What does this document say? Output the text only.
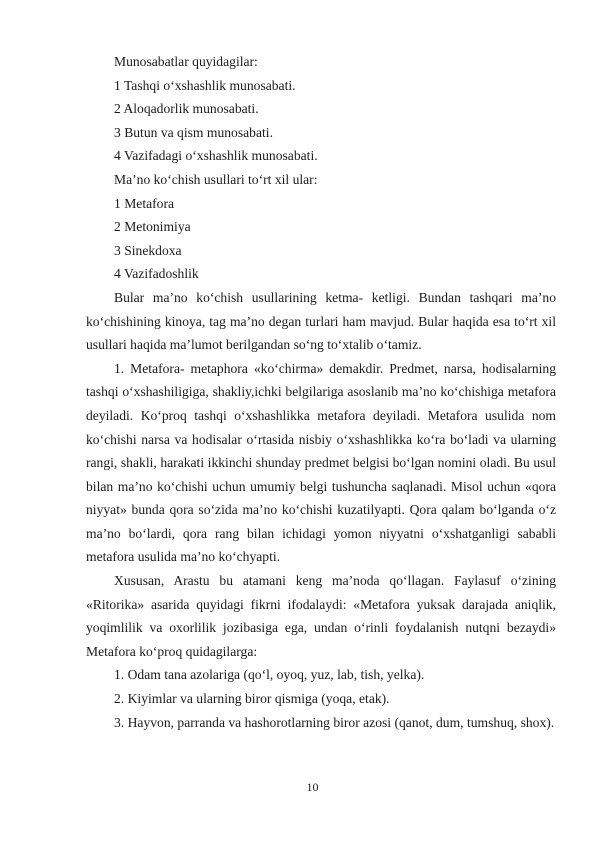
Munosabatlar quyidagilar:

1 Tashqi o‘xshashlik munosabati.

2 Aloqadorlik munosabati.

3 Butun va qism munosabati.

4 Vazifadagi o‘xshashlik munosabati.

Ma’no ko‘chish usullari to‘rt xil ular:

1 Metafora

2 Metonimiya

3 Sinekdoxa

4 Vazifadoshlik

Bular ma’no ko‘chish usullarining ketma- ketligi. Bundan tashqari ma’no ko‘chishining kinoya, tag ma’no degan turlari ham mavjud. Bular haqida esa to‘rt xil usullari haqida ma’lumot berilgandan so‘ng to‘xtalib o‘tamiz.

1. Metafora- metaphora «ko‘chirma» demakdir. Predmet, narsa, hodisalarning tashqi o‘xshashiligiga, shakliy,ichki belgilariga asoslanib ma’no ko‘chishiga metafora deyiladi. Ko‘proq tashqi o‘xshashlikka metafora deyiladi. Metafora usulida nom ko‘chishi narsa va hodisalar o‘rtasida nisbiy o‘xshashlikka ko‘ra bo‘ladi va ularning rangi, shakli, harakati ikkinchi shunday predmet belgisi bo‘lgan nomini oladi. Bu usul bilan ma’no ko‘chishi uchun umumiy belgi tushuncha saqlanadi. Misol uchun «qora niyyat» bunda qora so‘zida ma’no ko‘chishi kuzatilyapti. Qora qalam bo‘lganda o‘z ma’no bo‘lardi, qora rang bilan ichidagi yomon niyyatni o‘xshatganligi sababli metafora usulida ma’no ko‘chyapti.

Xususan, Arastu bu atamani keng ma’noda qo‘llagan. Faylasuf o‘zining «Ritorika» asarida quyidagi fikrni ifodalaydi: «Metafora yuksak darajada aniqlik, yoqimlilik va oxorlilik jozibasiga ega, undan o‘rinli foydalanish nutqni bezaydi» Metafora ko‘proq quidagilarga:

1. Odam tana azolariga (qo‘l, oyoq, yuz, lab, tish, yelka).

2. Kiyimlar va ularning biror qismiga (yoqa, etak).

3. Hayvon, parranda va hashorotlarning biror azosi (qanot, dum, tumshuq, shox).

10
